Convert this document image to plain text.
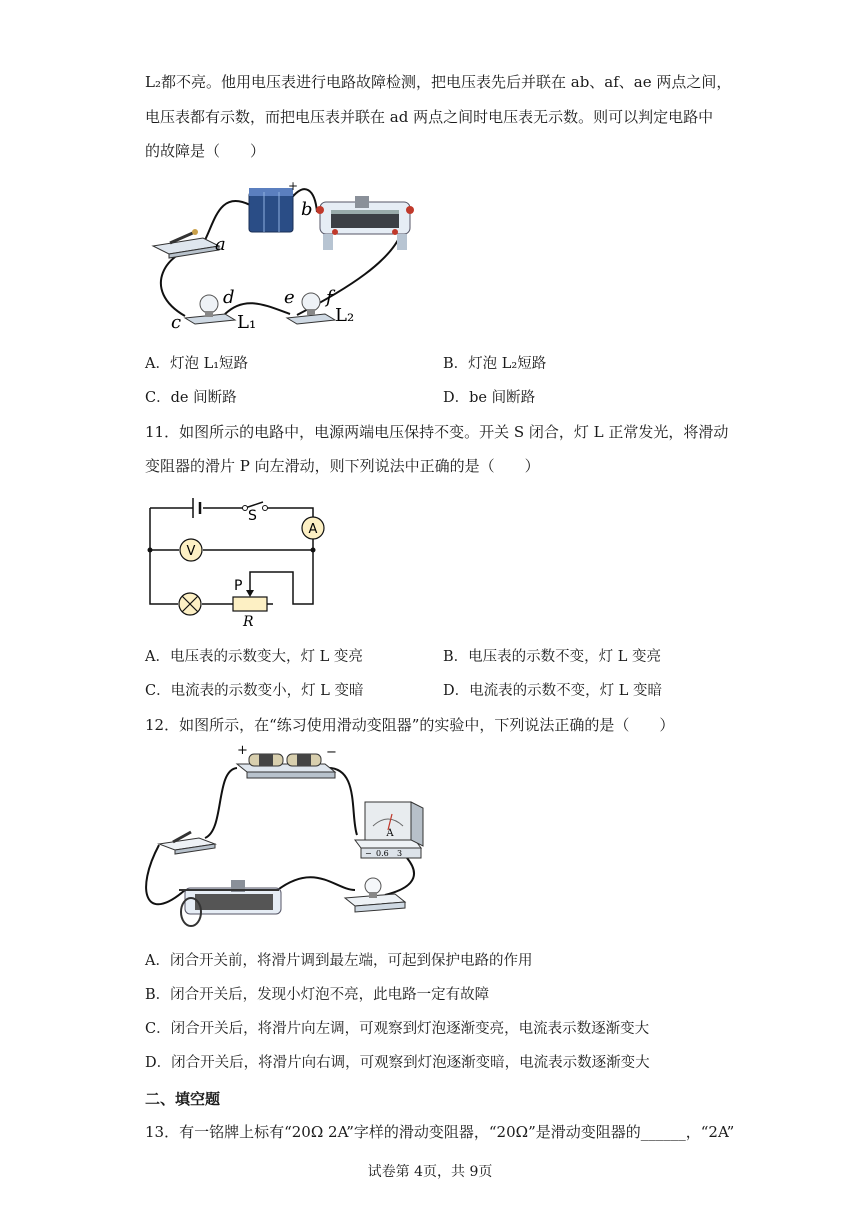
L₂都不亮。他用电压表进行电路故障检测，把电压表先后并联在 ab、af、ae 两点之间，
电压表都有示数，而把电压表并联在 ad 两点之间时电压表无示数。则可以判定电路中
的故障是（　　）
+
a
b
c
d	e f
L₁	L₂
A．灯泡 L₁短路	B．灯泡 L₂短路
C．de 间断路	D．be 间断路
11．如图所示的电路中，电源两端电压保持不变。开关 S 闭合，灯 L 正常发光，将滑动
变阻器的滑片 P 向左滑动，则下列说法中正确的是（　　）
A
V
S
P
R
A．电压表的示数变大，灯 L 变亮	B．电压表的示数不变，灯 L 变亮
C．电流表的示数变小，灯 L 变暗	D．电流表的示数不变，灯 L 变暗
12．如图所示，在“练习使用滑动变阻器”的实验中，下列说法正确的是（　　）
+	−
A
− 0.6 3
A．闭合开关前，将滑片调到最左端，可起到保护电路的作用
B．闭合开关后，发现小灯泡不亮，此电路一定有故障
C．闭合开关后，将滑片向左调，可观察到灯泡逐渐变亮，电流表示数逐渐变大
D．闭合开关后，将滑片向右调，可观察到灯泡逐渐变暗，电流表示数逐渐变大
二、填空题
13．有一铭牌上标有“20Ω 2A”字样的滑动变阻器，“20Ω”是滑动变阻器的______，“2A”
试卷第 4页，共 9页
